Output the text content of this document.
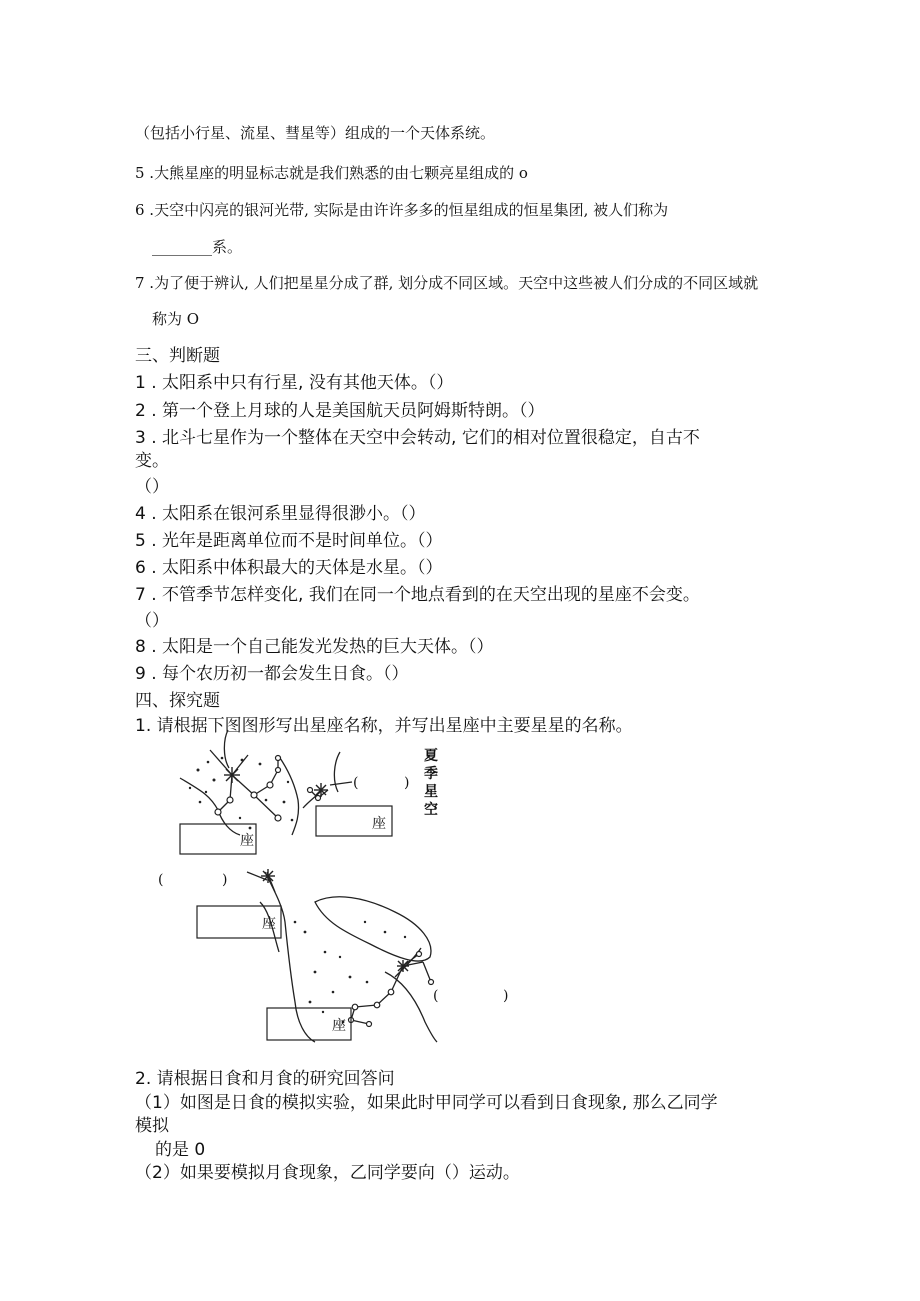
（包括小行星、流星、彗星等）组成的一个天体系统。
5 .大熊星座的明显标志就是我们熟悉的由七颗亮星组成的 o
6 .天空中闪亮的银河光带, 实际是由许许多多的恒星组成的恒星集团, 被人们称为
________系。
7 .为了便于辨认, 人们把星星分成了群, 划分成不同区域。天空中这些被人们分成的不同区域就
称为 O
三、判断题
1 . 太阳系中只有行星, 没有其他天体。（）
2 . 第一个登上月球的人是美国航天员阿姆斯特朗。（）
3 . 北斗七星作为一个整体在天空中会转动, 它们的相对位置很稳定，自古不
变。
（）
4 . 太阳系在银河系里显得很渺小。（）
5 . 光年是距离单位而不是时间单位。（）
6 . 太阳系中体积最大的天体是水星。（）
7 . 不管季节怎样变化, 我们在同一个地点看到的在天空出现的星座不会变。
（）
8 . 太阳是一个自己能发光发热的巨大天体。（）
9 . 每个农历初一都会发生日食。（）
四、探究题
1. 请根据下图图形写出星座名称，并写出星座中主要星星的名称。
座
座
(	)
夏
季
星
空
座
座
(	)
(	)
2. 请根据日食和月食的研究回答问
（1）如图是日食的模拟实验，如果此时甲同学可以看到日食现象, 那么乙同学
模拟
的是 0
（2）如果要模拟月食现象，乙同学要向（）运动。
